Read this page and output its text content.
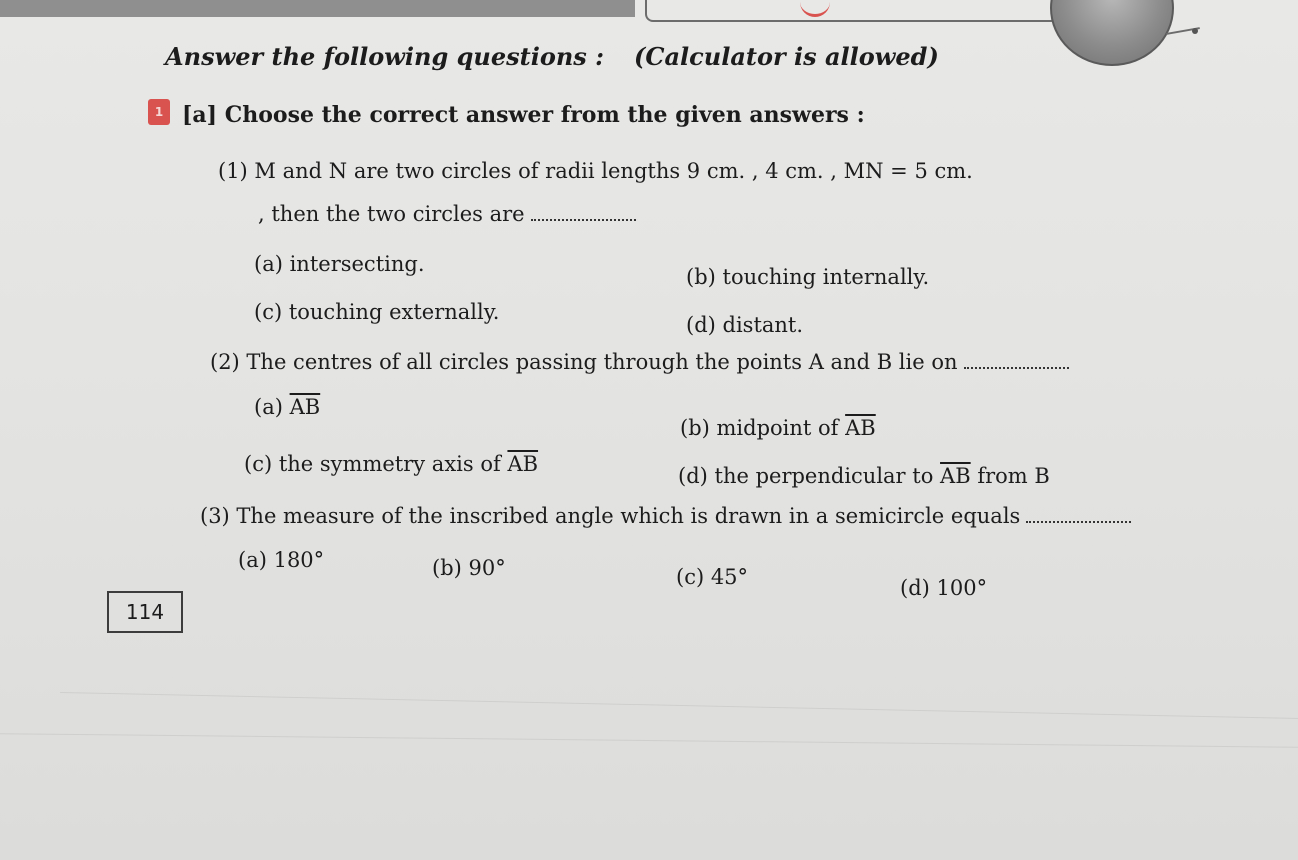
Answer the following questions : (Calculator is allowed)
1 [a] Choose the correct answer from the given answers :
(1) M and N are two circles of radii lengths 9 cm. , 4 cm. , MN = 5 cm.
, then the two circles are
(a) intersecting.
(b) touching internally.
(c) touching externally.
(d) distant.
(2) The centres of all circles passing through the points A and B lie on
(a) $\overline{AB}$
(b) midpoint of $\overline{AB}$
(c) the symmetry axis of $\overline{AB}$	(d) the perpendicular to $\overline{AB}$ from B
(3) The measure of the inscribed angle which is drawn in a semicircle equals
(a) 180°	(b) 90°	(c) 45°	(d) 100°
114
